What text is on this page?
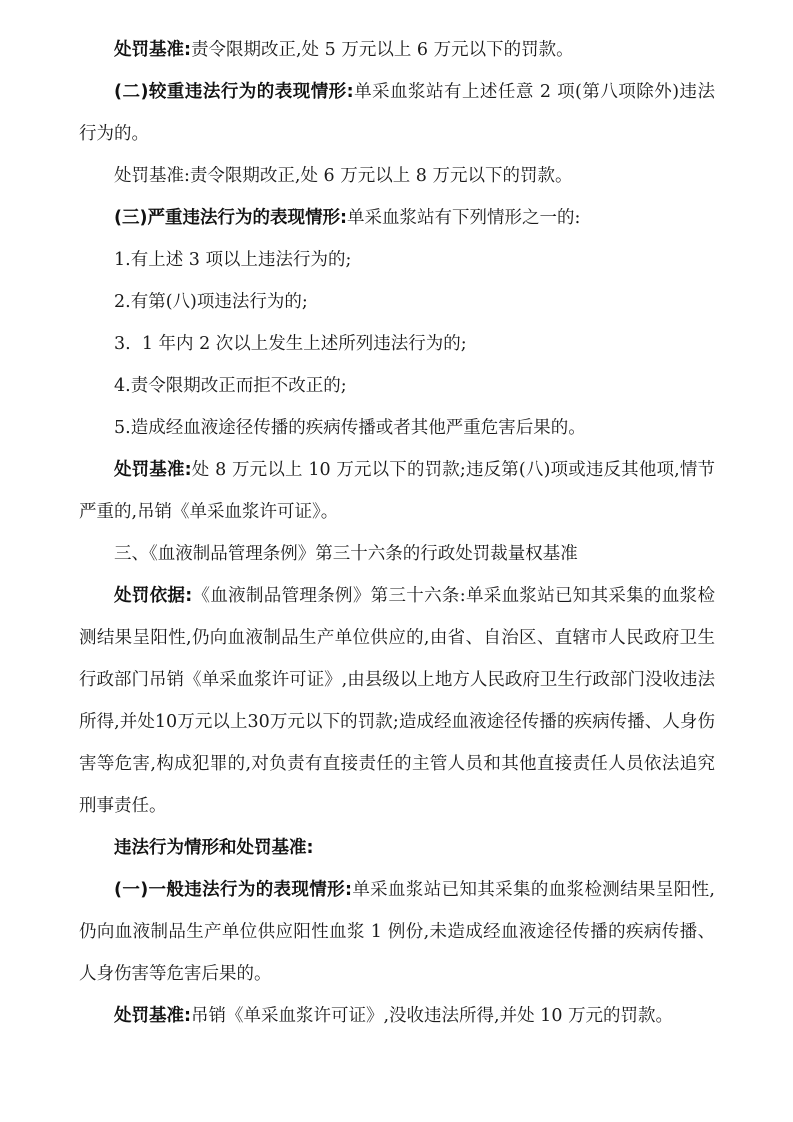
处罚基准:责令限期改正,处 5 万元以上 6 万元以下的罚款。

(二)较重违法行为的表现情形:单采血浆站有上述任意 2 项(第八项除外)违法行为的。

处罚基准:责令限期改正,处 6 万元以上 8 万元以下的罚款。

(三)严重违法行为的表现情形:单采血浆站有下列情形之一的:

1.有上述 3 项以上违法行为的;

2.有第(八)项违法行为的;

3.  1 年内 2 次以上发生上述所列违法行为的;

4.责令限期改正而拒不改正的;

5.造成经血液途径传播的疾病传播或者其他严重危害后果的。

处罚基准:处 8 万元以上 10 万元以下的罚款;违反第(八)项或违反其他项,情节严重的,吊销《单采血浆许可证》。

三、《血液制品管理条例》第三十六条的行政处罚裁量权基准

处罚依据:《血液制品管理条例》第三十六条:单采血浆站已知其采集的血浆检测结果呈阳性,仍向血液制品生产单位供应的,由省、自治区、直辖市人民政府卫生行政部门吊销《单采血浆许可证》,由县级以上地方人民政府卫生行政部门没收违法所得,并处10万元以上30万元以下的罚款;造成经血液途径传播的疾病传播、人身伤害等危害,构成犯罪的,对负责有直接责任的主管人员和其他直接责任人员依法追究刑事责任。

违法行为情形和处罚基准:

(一)一般违法行为的表现情形:单采血浆站已知其采集的血浆检测结果呈阳性,仍向血液制品生产单位供应阳性血浆 1 例份,未造成经血液途径传播的疾病传播、人身伤害等危害后果的。

处罚基准:吊销《单采血浆许可证》,没收违法所得,并处 10 万元的罚款。
